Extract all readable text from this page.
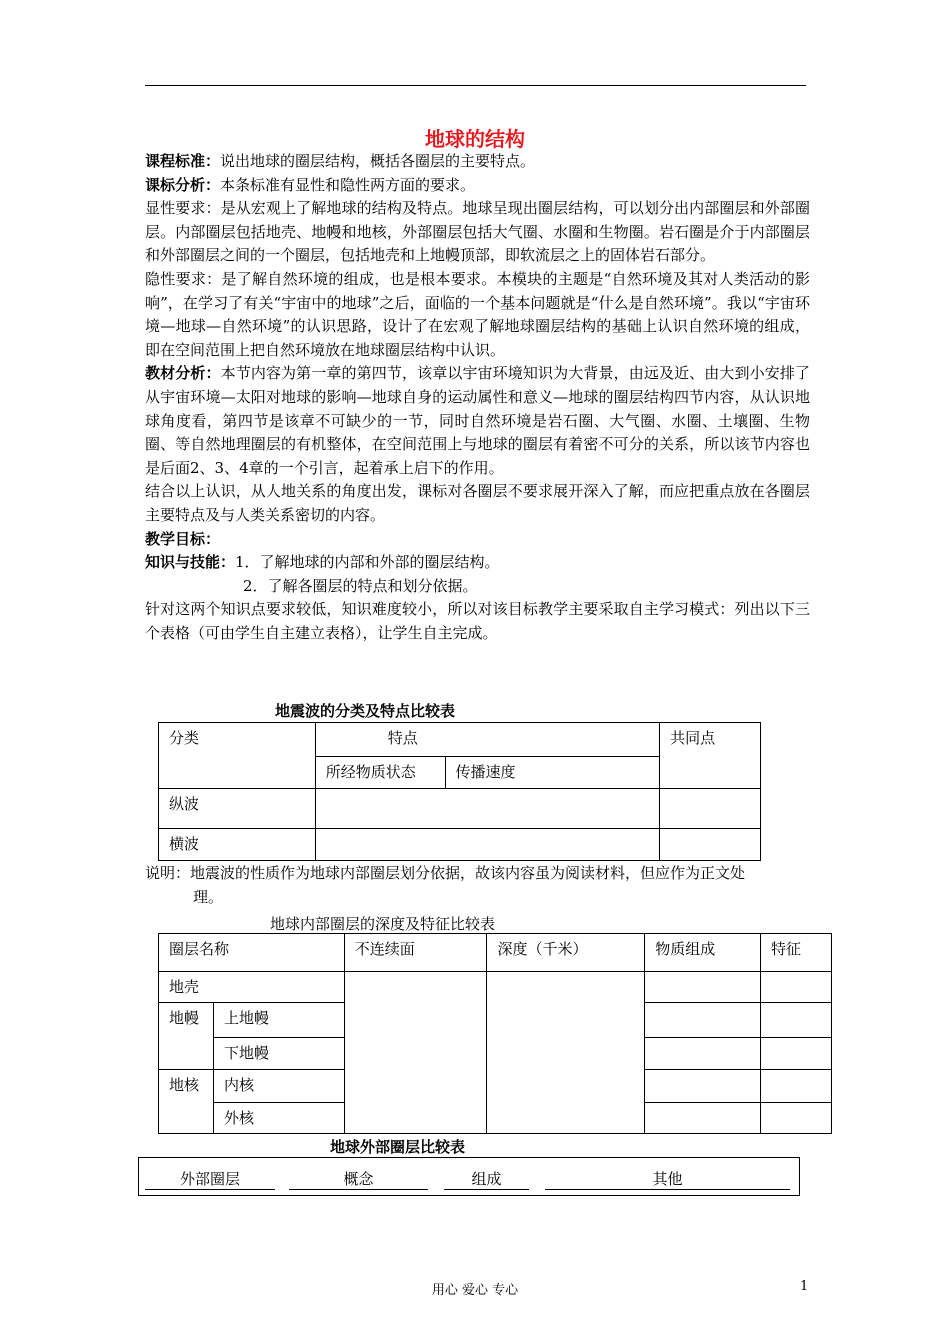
地球的结构

课程标准：说出地球的圈层结构，概括各圈层的主要特点。

课标分析：本条标准有显性和隐性两方面的要求。

显性要求：是从宏观上了解地球的结构及特点。地球呈现出圈层结构，可以划分出内部圈层和外部圈层。内部圈层包括地壳、地幔和地核，外部圈层包括大气圈、水圈和生物圈。岩石圈是介于内部圈层和外部圈层之间的一个圈层，包括地壳和上地幔顶部，即软流层之上的固体岩石部分。

隐性要求：是了解自然环境的组成，也是根本要求。本模块的主题是“自然环境及其对人类活动的影响”，在学习了有关“宇宙中的地球”之后，面临的一个基本问题就是“什么是自然环境”。我以“宇宙环境—地球—自然环境”的认识思路，设计了在宏观了解地球圈层结构的基础上认识自然环境的组成，即在空间范围上把自然环境放在地球圈层结构中认识。

教材分析：本节内容为第一章的第四节，该章以宇宙环境知识为大背景，由远及近、由大到小安排了从宇宙环境—太阳对地球的影响—地球自身的运动属性和意义—地球的圈层结构四节内容，从认识地球角度看，第四节是该章不可缺少的一节，同时自然环境是岩石圈、大气圈、水圈、土壤圈、生物圈、等自然地理圈层的有机整体，在空间范围上与地球的圈层有着密不可分的关系，所以该节内容也是后面2、3、4章的一个引言，起着承上启下的作用。

结合以上认识，从人地关系的角度出发，课标对各圈层不要求展开深入了解，而应把重点放在各圈层主要特点及与人类关系密切的内容。

教学目标：

知识与技能：1．了解地球的内部和外部的圈层结构。

2．了解各圈层的特点和划分依据。

针对这两个知识点要求较低，知识难度较小，所以对该目标教学主要采取自主学习模式：列出以下三个表格（可由学生自主建立表格），让学生自主完成。

地震波的分类及特点比较表
分类	特点		共同点
	所经物质状态	传播速度	
纵波			
横波			
说明：地震波的性质作为地球内部圈层划分依据，故该内容虽为阅读材料，但应作为正文处
理。
地球内部圈层的深度及特征比较表
圈层名称		不连续面	深度（千米）	物质组成	特征
地壳					
地幔	上地幔				
	下地幔				
地核	内核				
	外核				
地球外部圈层比较表
外部圈层	概念	组成	其他
用心 爱心 专心	1
